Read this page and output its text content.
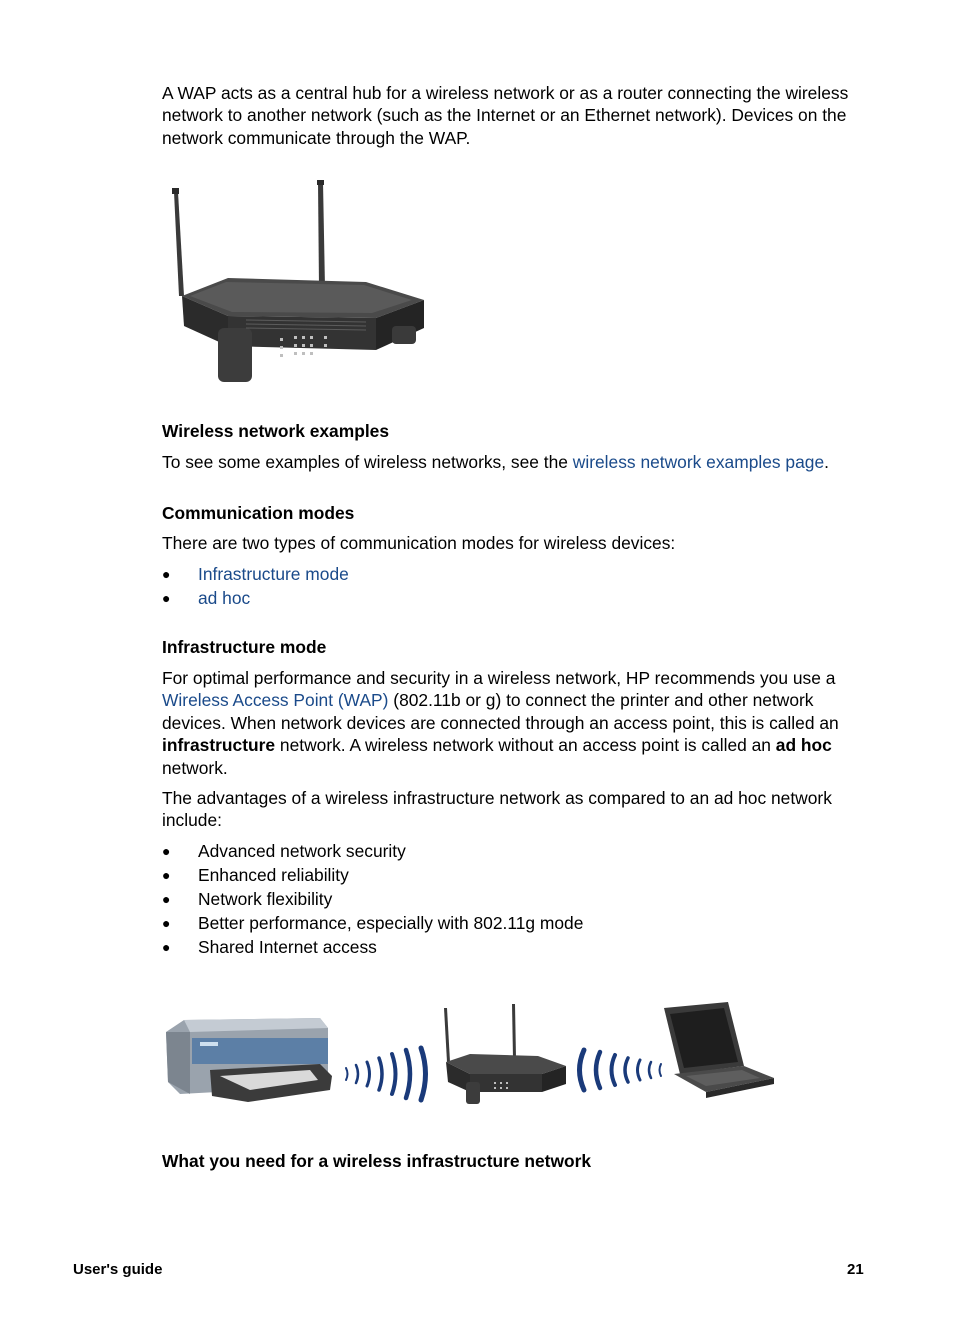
A WAP acts as a central hub for a wireless network or as a router connecting the wireless network to another network (such as the Internet or an Ethernet network). Devices on the network communicate through the WAP.

Wireless network examples

To see some examples of wireless networks, see the wireless network examples page.

Communication modes

There are two types of communication modes for wireless devices:

● Infrastructure mode
● ad hoc
Infrastructure mode

For optimal performance and security in a wireless network, HP recommends you use a Wireless Access Point (WAP) (802.11b or g) to connect the printer and other network devices. When network devices are connected through an access point, this is called an infrastructure network. A wireless network without an access point is called an ad hoc network.

The advantages of a wireless infrastructure network as compared to an ad hoc network include:

● Advanced network security
● Enhanced reliability
● Network flexibility
● Better performance, especially with 802.11g mode
● Shared Internet access
What you need for a wireless infrastructure network
User's guide	21
